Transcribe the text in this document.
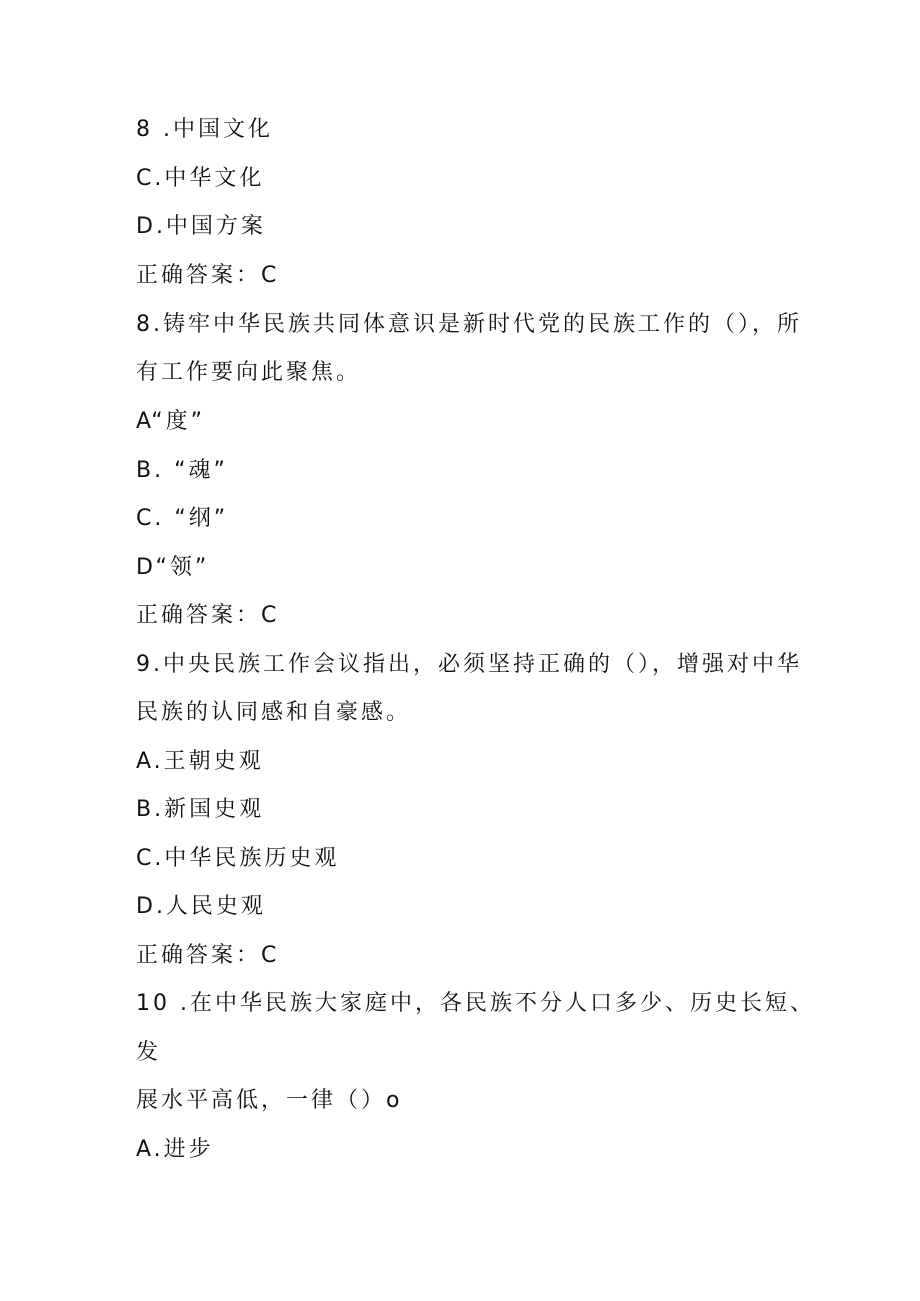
8 .中国文化
C.中华文化
D.中国方案
正确答案：C
8.铸牢中华民族共同体意识是新时代党的民族工作的（），所
有工作要向此聚焦。
A“度”
B. “魂”
C. “纲”
D“领”
正确答案：C
9.中央民族工作会议指出，必须坚持正确的（），增强对中华
民族的认同感和自豪感。
A.王朝史观
B.新国史观
C.中华民族历史观
D.人民史观
正确答案：C
10 .在中华民族大家庭中，各民族不分人口多少、历史长短、
发
展水平高低，一律（）o
A.进步
